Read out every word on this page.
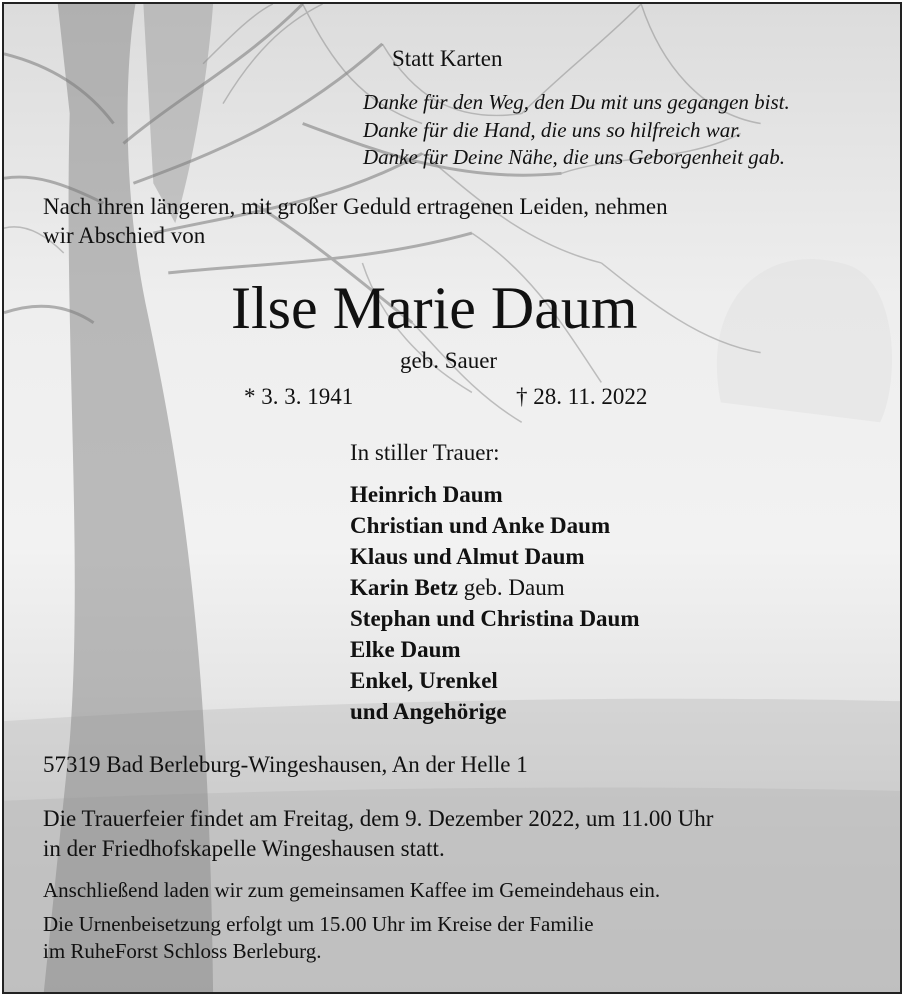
Statt Karten
Danke für den Weg, den Du mit uns gegangen bist.
Danke für die Hand, die uns so hilfreich war.
Danke für Deine Nähe, die uns Geborgenheit gab.
Nach ihren längeren, mit großer Geduld ertragenen Leiden, nehmen
wir Abschied von
Ilse Marie Daum
geb. Sauer
* 3. 3. 1941	† 28. 11. 2022
In stiller Trauer:
Heinrich Daum
Christian und Anke Daum
Klaus und Almut Daum
Karin Betz geb. Daum
Stephan und Christina Daum
Elke Daum
Enkel, Urenkel
und Angehörige
57319 Bad Berleburg-Wingeshausen, An der Helle 1
Die Trauerfeier findet am Freitag, dem 9. Dezember 2022, um 11.00 Uhr
in der Friedhofskapelle Wingeshausen statt.
Anschließend laden wir zum gemeinsamen Kaffee im Gemeindehaus ein.
Die Urnenbeisetzung erfolgt um 15.00 Uhr im Kreise der Familie
im RuheForst Schloss Berleburg.
